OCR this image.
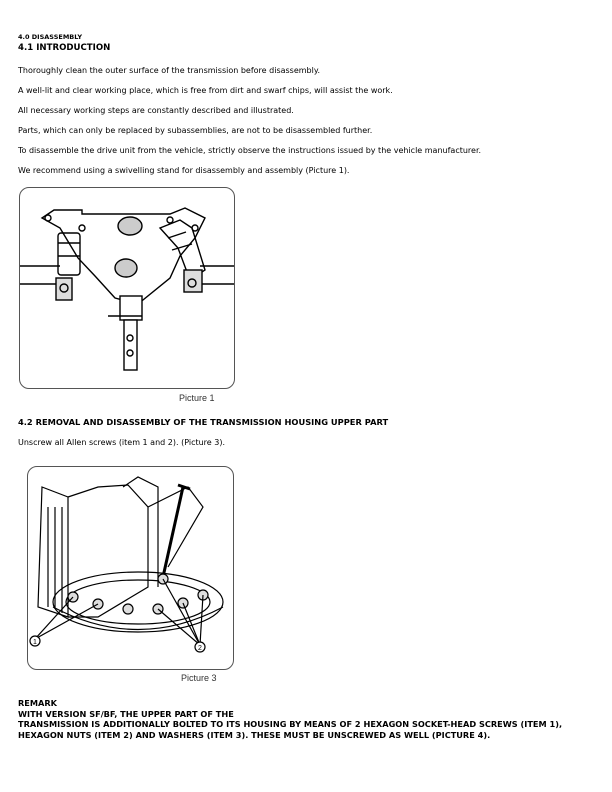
4.0 DISASSEMBLY
4.1 INTRODUCTION
Thoroughly clean the outer surface of the transmission before disassembly.
A well-lit and clear working place, which is free from dirt and swarf chips, will assist the work.
All necessary working steps are constantly described and illustrated.
Parts, which can only be replaced by subassemblies, are not to be disassembled further.
To disassemble the drive unit from the vehicle, strictly observe the instructions issued by the vehicle manufacturer.
We recommend using a swivelling stand for disassembly and assembly (Picture 1).
Picture 1
4.2 REMOVAL AND DISASSEMBLY OF THE TRANSMISSION HOUSING UPPER PART
Unscrew all Allen screws (item 1 and 2). (Picture 3).
1
2
Picture 3
REMARK
WITH VERSION SF/BF, THE UPPER PART OF THE
TRANSMISSION IS ADDITIONALLY BOLTED TO ITS HOUSING BY MEANS OF 2 HEXAGON SOCKET-HEAD SCREWS (ITEM 1), HEXAGON NUTS (ITEM 2) AND WASHERS (ITEM 3). THESE MUST BE UNSCREWED AS WELL (PICTURE 4).
